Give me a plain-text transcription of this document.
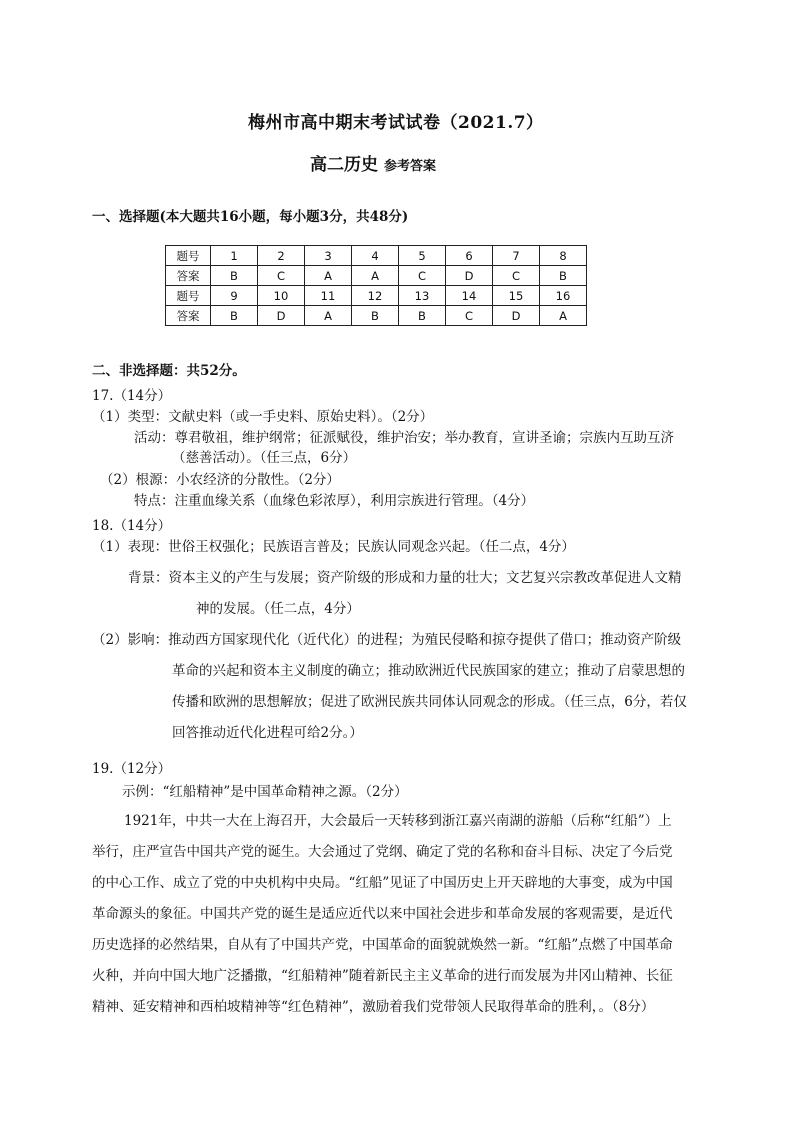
梅州市高中期末考试试卷（2021.7）
高二历史 参考答案
一、选择题(本大题共16小题，每小题3分，共48分)
题号	1	2	3	4	5	6	7	8
答案	B	C	A	A	C	D	C	B
题号	9	10	11	12	13	14	15	16
答案	B	D	A	B	B	C	D	A
二、非选择题：共52分。
17.（14分）
（1）类型：文献史料（或一手史料、原始史料）。（2分）
活动：尊君敬祖，维护纲常；征派赋役，维护治安；举办教育，宣讲圣谕；宗族内互助互济
（慈善活动）。（任三点，6分）
（2）根源：小农经济的分散性。（2分）
特点：注重血缘关系（血缘色彩浓厚），利用宗族进行管理。（4分）
18.（14分）
（1）表现：世俗王权强化；民族语言普及；民族认同观念兴起。（任二点，4分）
背景：资本主义的产生与发展；资产阶级的形成和力量的壮大；文艺复兴宗教改革促进人文精
神的发展。（任二点，4分）
（2）影响：推动西方国家现代化（近代化）的进程；为殖民侵略和掠夺提供了借口；推动资产阶级
革命的兴起和资本主义制度的确立；推动欧洲近代民族国家的建立；推动了启蒙思想的
传播和欧洲的思想解放；促进了欧洲民族共同体认同观念的形成。（任三点，6分，若仅
回答推动近代化进程可给2分。）
19.（12分）
示例：“红船精神”是中国革命精神之源。（2分）
1921年，中共一大在上海召开，大会最后一天转移到浙江嘉兴南湖的游船（后称“红船”）上
举行，庄严宣告中国共产党的诞生。大会通过了党纲、确定了党的名称和奋斗目标、决定了今后党
的中心工作、成立了党的中央机构中央局。“红船”见证了中国历史上开天辟地的大事变，成为中国
革命源头的象征。中国共产党的诞生是适应近代以来中国社会进步和革命发展的客观需要，是近代
历史选择的必然结果，自从有了中国共产党，中国革命的面貌就焕然一新。“红船”点燃了中国革命
火种，并向中国大地广泛播撒，“红船精神”随着新民主主义革命的进行而发展为井冈山精神、长征
精神、延安精神和西柏坡精神等“红色精神”，激励着我们党带领人民取得革命的胜利，。（8分）
